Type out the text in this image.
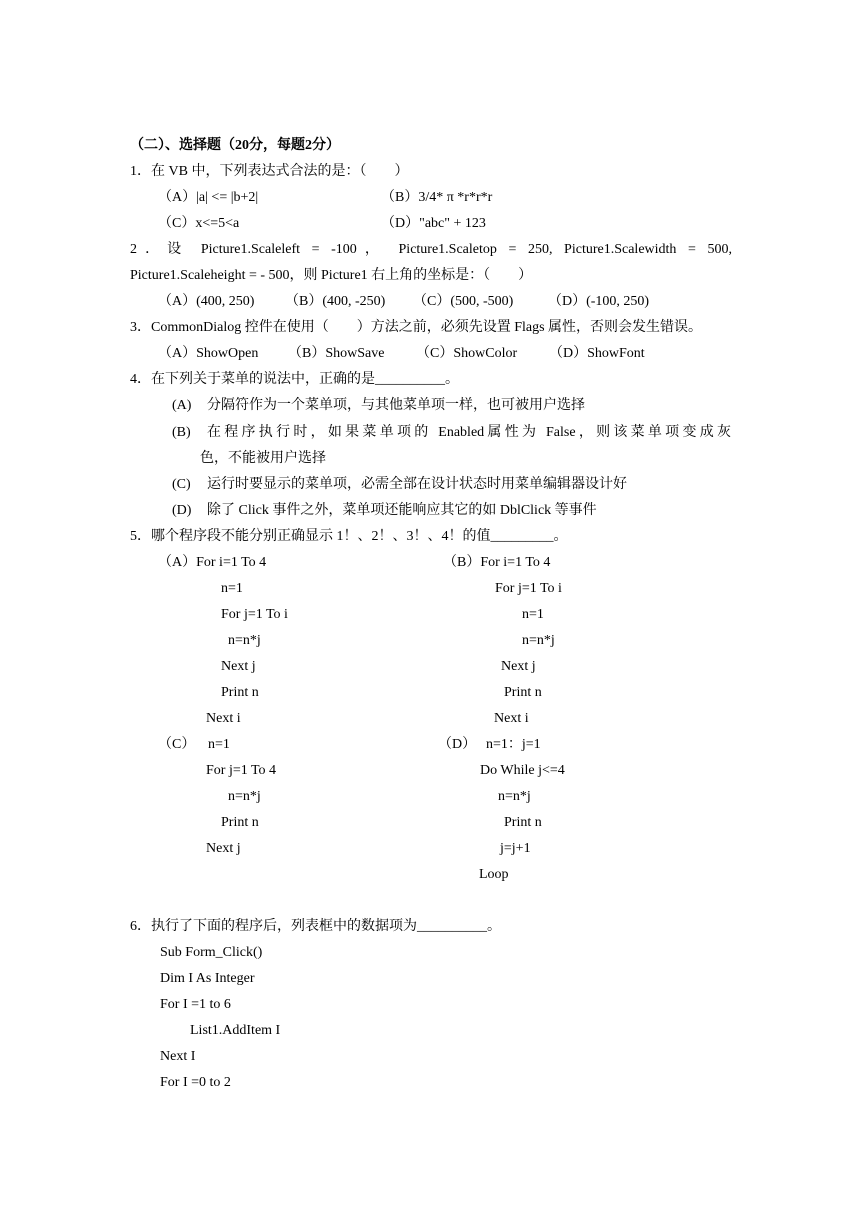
（二）、选择题（20分，每题2分）
1．在 VB 中，下列表达式合法的是：（　　）
（A）|a| <= |b+2|	（B）3/4* π *r*r*r
（C）x<=5<a	（D）"abc" + 123
2．设 Picture1.Scaleleft = -100， Picture1.Scaletop = 250, Picture1.Scalewidth = 500,
Picture1.Scaleheight = - 500，则 Picture1 右上角的坐标是：（　　）
（A）(400, 250) （B）(400, -250) （C）(500, -500) （D）(-100, 250)
3．CommonDialog 控件在使用（　　）方法之前，必须先设置 Flags 属性，否则会发生错误。
（A）ShowOpen （B）ShowSave （C）ShowColor （D）ShowFont
4．在下列关于菜单的说法中，正确的是__________。
(A) 分隔符作为一个菜单项，与其他菜单项一样，也可被用户选择
(B) 在程序执行时，如果菜单项的 Enabled属性为 False，则该菜单项变成灰
色，不能被用户选择
(C) 运行时要显示的菜单项，必需全部在设计状态时用菜单编辑器设计好
(D) 除了 Click 事件之外，菜单项还能响应其它的如 DblClick 等事件
5．哪个程序段不能分别正确显示 1！、2！、3！、4！的值_________。
（A）For i=1 To 4
n=1
For j=1 To i
n=n*j
Next j
Print n
Next i
（B）For i=1 To 4
For j=1 To i
n=1
n=n*j
Next j
Print n
Next i
（C） n=1
For j=1 To 4
n=n*j
Print n
Next j
（D） n=1：j=1
Do While j<=4
n=n*j
Print n
j=j+1
Loop
6．执行了下面的程序后，列表框中的数据项为__________。
Sub Form_Click()
Dim I As Integer
For I =1 to 6
List1.AddItem I
Next I
For I =0 to 2
